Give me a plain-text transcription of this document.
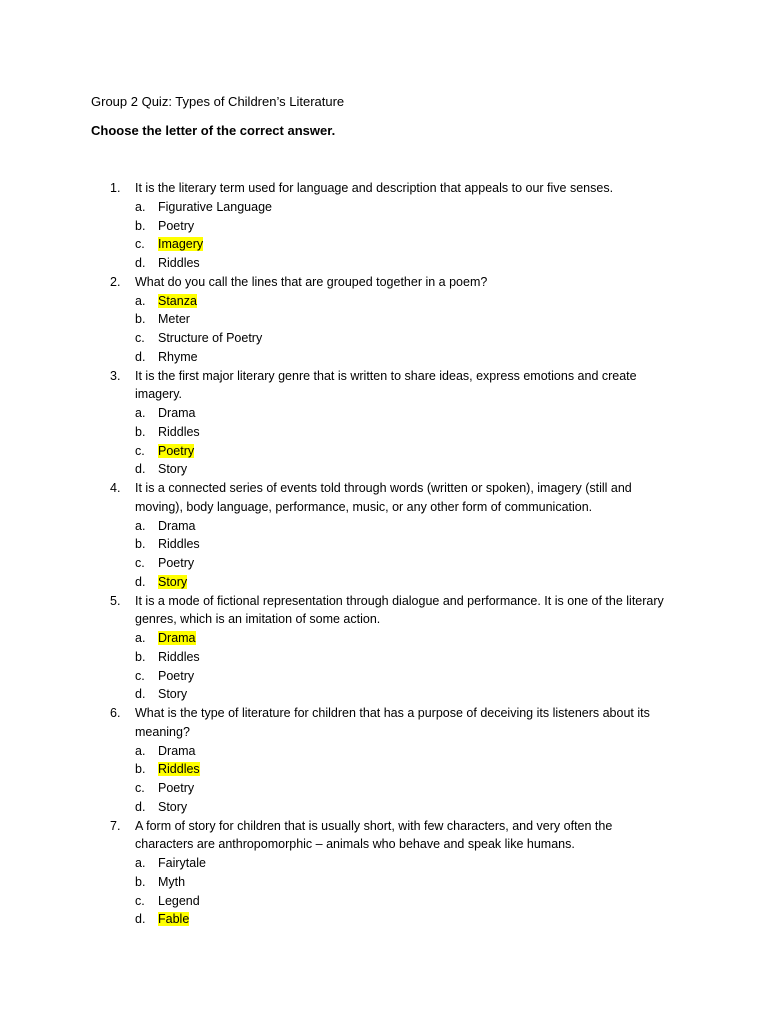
Group 2 Quiz: Types of Children’s Literature
Choose the letter of the correct answer.
1. It is the literary term used for language and description that appeals to our five senses.
a. Figurative Language
b. Poetry
c. Imagery
d. Riddles
2. What do you call the lines that are grouped together in a poem?
a. Stanza
b. Meter
c. Structure of Poetry
d. Rhyme
3. It is the first major literary genre that is written to share ideas, express emotions and create imagery.
a. Drama
b. Riddles
c. Poetry
d. Story
4. It is a connected series of events told through words (written or spoken), imagery (still and moving), body language, performance, music, or any other form of communication.
a. Drama
b. Riddles
c. Poetry
d. Story
5. It is a mode of fictional representation through dialogue and performance. It is one of the literary genres, which is an imitation of some action.
a. Drama
b. Riddles
c. Poetry
d. Story
6. What is the type of literature for children that has a purpose of deceiving its listeners about its meaning?
a. Drama
b. Riddles
c. Poetry
d. Story
7. A form of story for children that is usually short, with few characters, and very often the characters are anthropomorphic – animals who behave and speak like humans.
a. Fairytale
b. Myth
c. Legend
d. Fable
